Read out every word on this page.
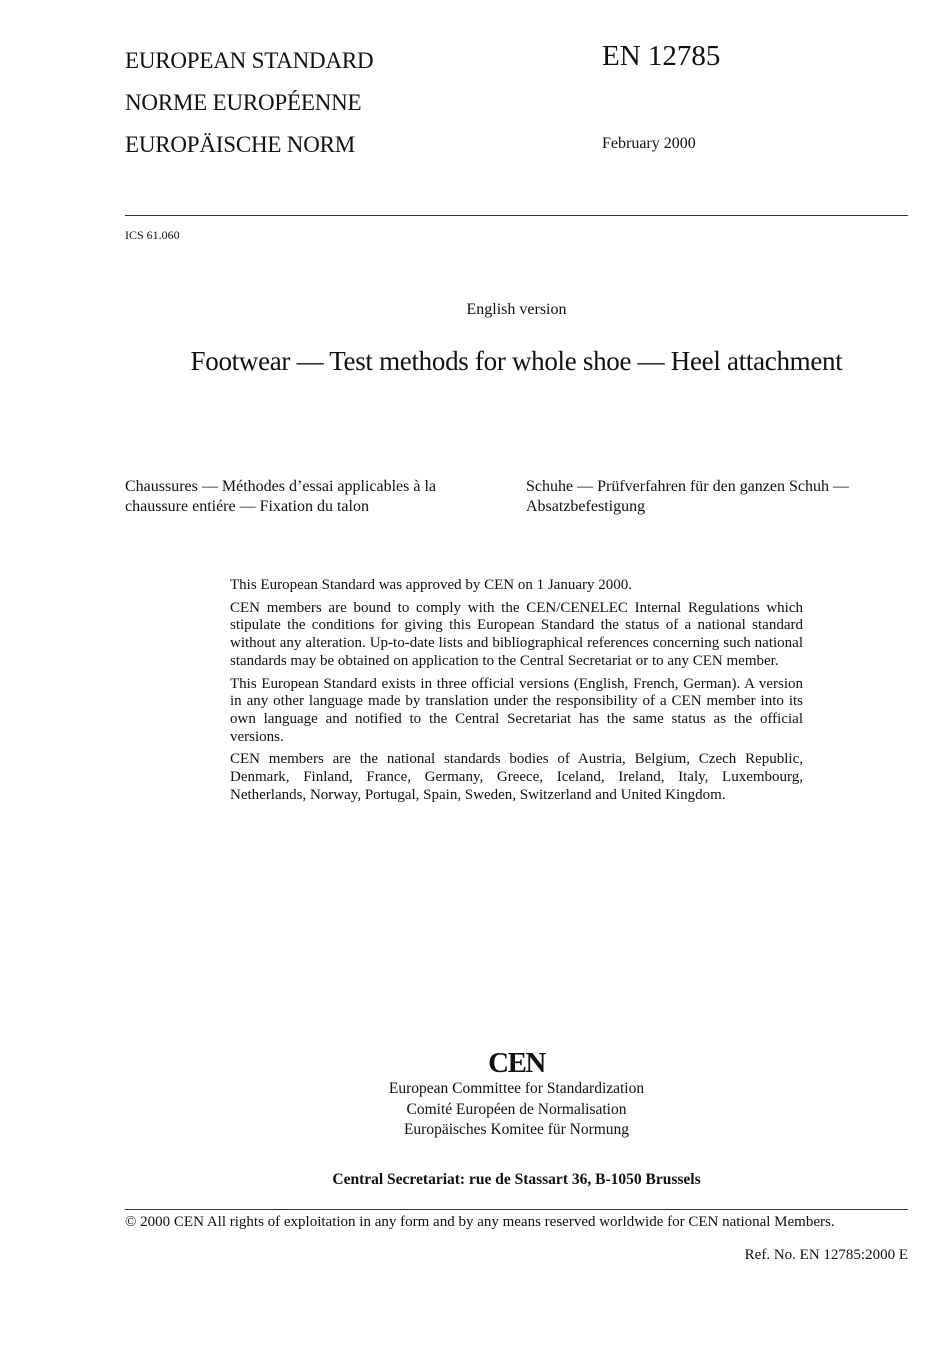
EUROPEAN STANDARD
NORME EUROPÉENNE
EUROPÄISCHE NORM
EN 12785
February 2000
ICS 61.060
English version
Footwear — Test methods for whole shoe — Heel attachment
Chaussures — Méthodes d’essai applicables à la chaussure entiére — Fixation du talon
Schuhe — Prüfverfahren für den ganzen Schuh — Absatzbefestigung

This European Standard was approved by CEN on 1 January 2000.

CEN members are bound to comply with the CEN/CENELEC Internal Regulations which stipulate the conditions for giving this European Standard the status of a national standard without any alteration. Up-to-date lists and bibliographical references concerning such national standards may be obtained on application to the Central Secretariat or to any CEN member.

This European Standard exists in three official versions (English, French, German). A version in any other language made by translation under the responsibility of a CEN member into its own language and notified to the Central Secretariat has the same status as the official versions.

CEN members are the national standards bodies of Austria, Belgium, Czech Republic, Denmark, Finland, France, Germany, Greece, Iceland, Ireland, Italy, Luxembourg, Netherlands, Norway, Portugal, Spain, Sweden, Switzerland and United Kingdom.

CEN
European Committee for Standardization
Comité Européen de Normalisation
Europäisches Komitee für Normung
Central Secretariat: rue de Stassart 36, B-1050 Brussels
© 2000 CEN All rights of exploitation in any form and by any means reserved worldwide for CEN national Members.
Ref. No. EN 12785:2000 E
